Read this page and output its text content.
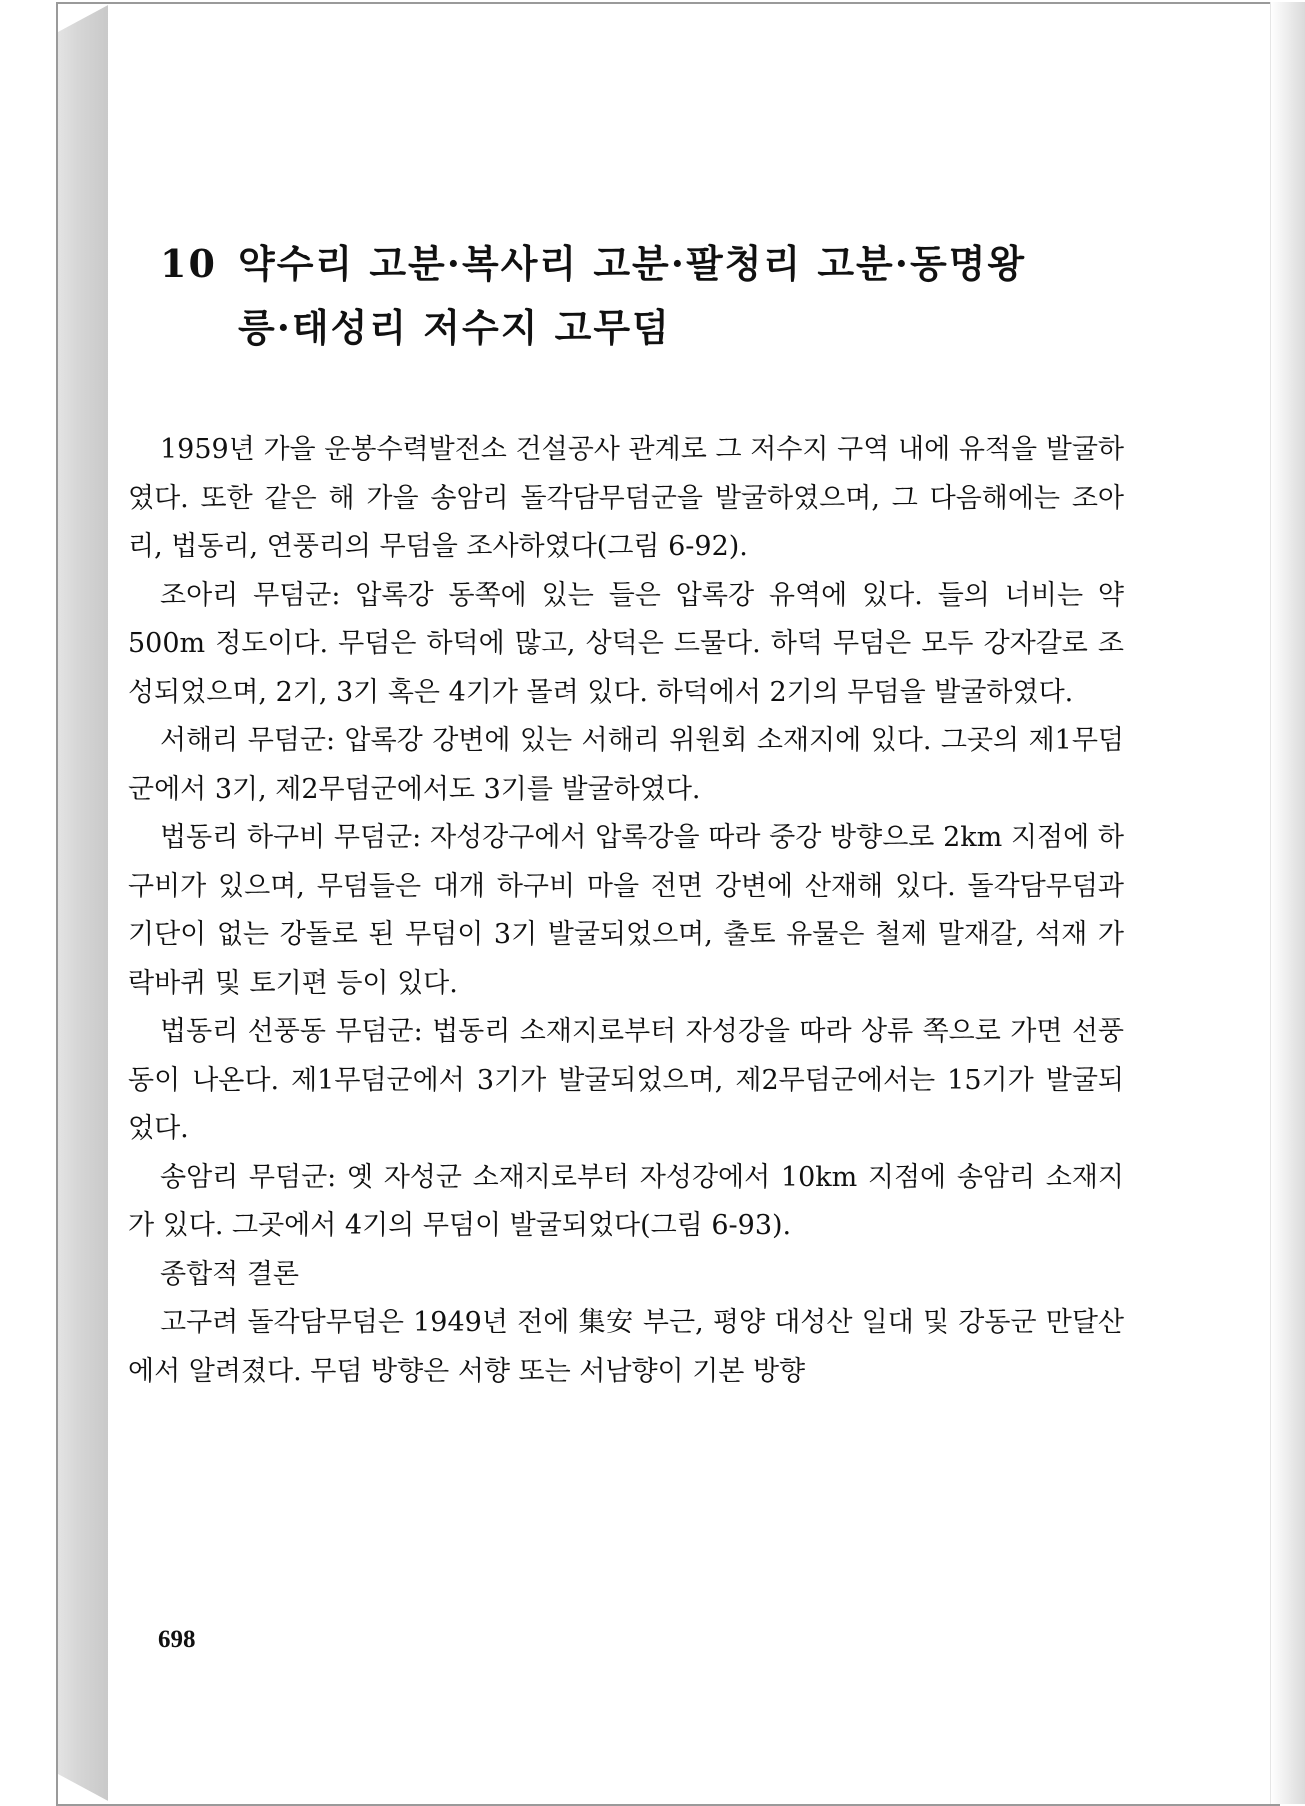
10 약수리 고분·복사리 고분·팔청리 고분·동명왕
릉·태성리 저수지 고무덤

1959년 가을 운봉수력발전소 건설공사 관계로 그 저수지 구역 내에 유적을 발굴하였다. 또한 같은 해 가을 송암리 돌각담무덤군을 발굴하였으며, 그 다음해에는 조아리, 법동리, 연풍리의 무덤을 조사하였다(그림 6-92).

조아리 무덤군: 압록강 동쪽에 있는 들은 압록강 유역에 있다. 들의 너비는 약 500m 정도이다. 무덤은 하덕에 많고, 상덕은 드물다. 하덕 무덤은 모두 강자갈로 조성되었으며, 2기, 3기 혹은 4기가 몰려 있다. 하덕에서 2기의 무덤을 발굴하였다.

서해리 무덤군: 압록강 강변에 있는 서해리 위원회 소재지에 있다. 그곳의 제1무덤군에서 3기, 제2무덤군에서도 3기를 발굴하였다.

법동리 하구비 무덤군: 자성강구에서 압록강을 따라 중강 방향으로 2km 지점에 하구비가 있으며, 무덤들은 대개 하구비 마을 전면 강변에 산재해 있다. 돌각담무덤과 기단이 없는 강돌로 된 무덤이 3기 발굴되었으며, 출토 유물은 철제 말재갈, 석재 가락바퀴 및 토기편 등이 있다.

법동리 선풍동 무덤군: 법동리 소재지로부터 자성강을 따라 상류 쪽으로 가면 선풍동이 나온다. 제1무덤군에서 3기가 발굴되었으며, 제2무덤군에서는 15기가 발굴되었다.

송암리 무덤군: 옛 자성군 소재지로부터 자성강에서 10km 지점에 송암리 소재지가 있다. 그곳에서 4기의 무덤이 발굴되었다(그림 6-93).

종합적 결론

고구려 돌각담무덤은 1949년 전에 集安 부근, 평양 대성산 일대 및 강동군 만달산에서 알려졌다. 무덤 방향은 서향 또는 서남향이 기본 방향

698
